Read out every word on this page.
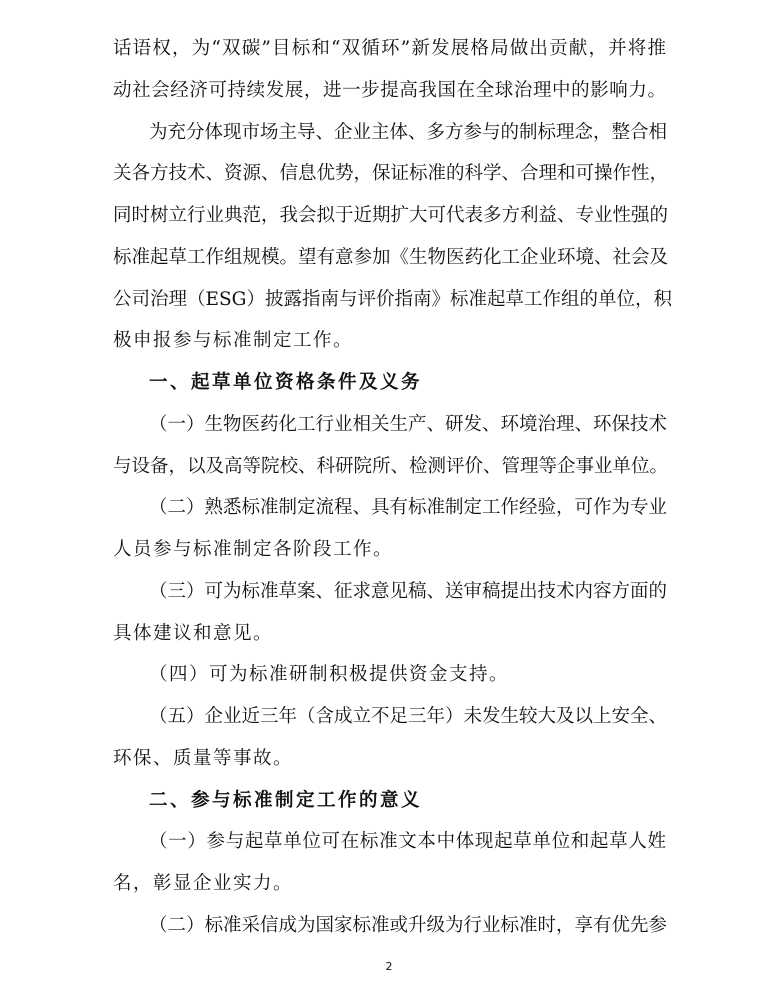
话语权，为“双碳”目标和“双循环”新发展格局做出贡献，并将推
动社会经济可持续发展，进一步提高我国在全球治理中的影响力。
为充分体现市场主导、企业主体、多方参与的制标理念，整合相
关各方技术、资源、信息优势，保证标准的科学、合理和可操作性，
同时树立行业典范，我会拟于近期扩大可代表多方利益、专业性强的
标准起草工作组规模。望有意参加《生物医药化工企业环境、社会及
公司治理（ESG）披露指南与评价指南》标准起草工作组的单位，积
极申报参与标准制定工作。
一、起草单位资格条件及义务
（一）生物医药化工行业相关生产、研发、环境治理、环保技术
与设备，以及高等院校、科研院所、检测评价、管理等企事业单位。
（二）熟悉标准制定流程、具有标准制定工作经验，可作为专业
人员参与标准制定各阶段工作。
（三）可为标准草案、征求意见稿、送审稿提出技术内容方面的
具体建议和意见。
（四）可为标准研制积极提供资金支持。
（五）企业近三年（含成立不足三年）未发生较大及以上安全、
环保、质量等事故。
二、参与标准制定工作的意义
（一）参与起草单位可在标准文本中体现起草单位和起草人姓
名，彰显企业实力。
（二）标准采信成为国家标准或升级为行业标准时，享有优先参
2
